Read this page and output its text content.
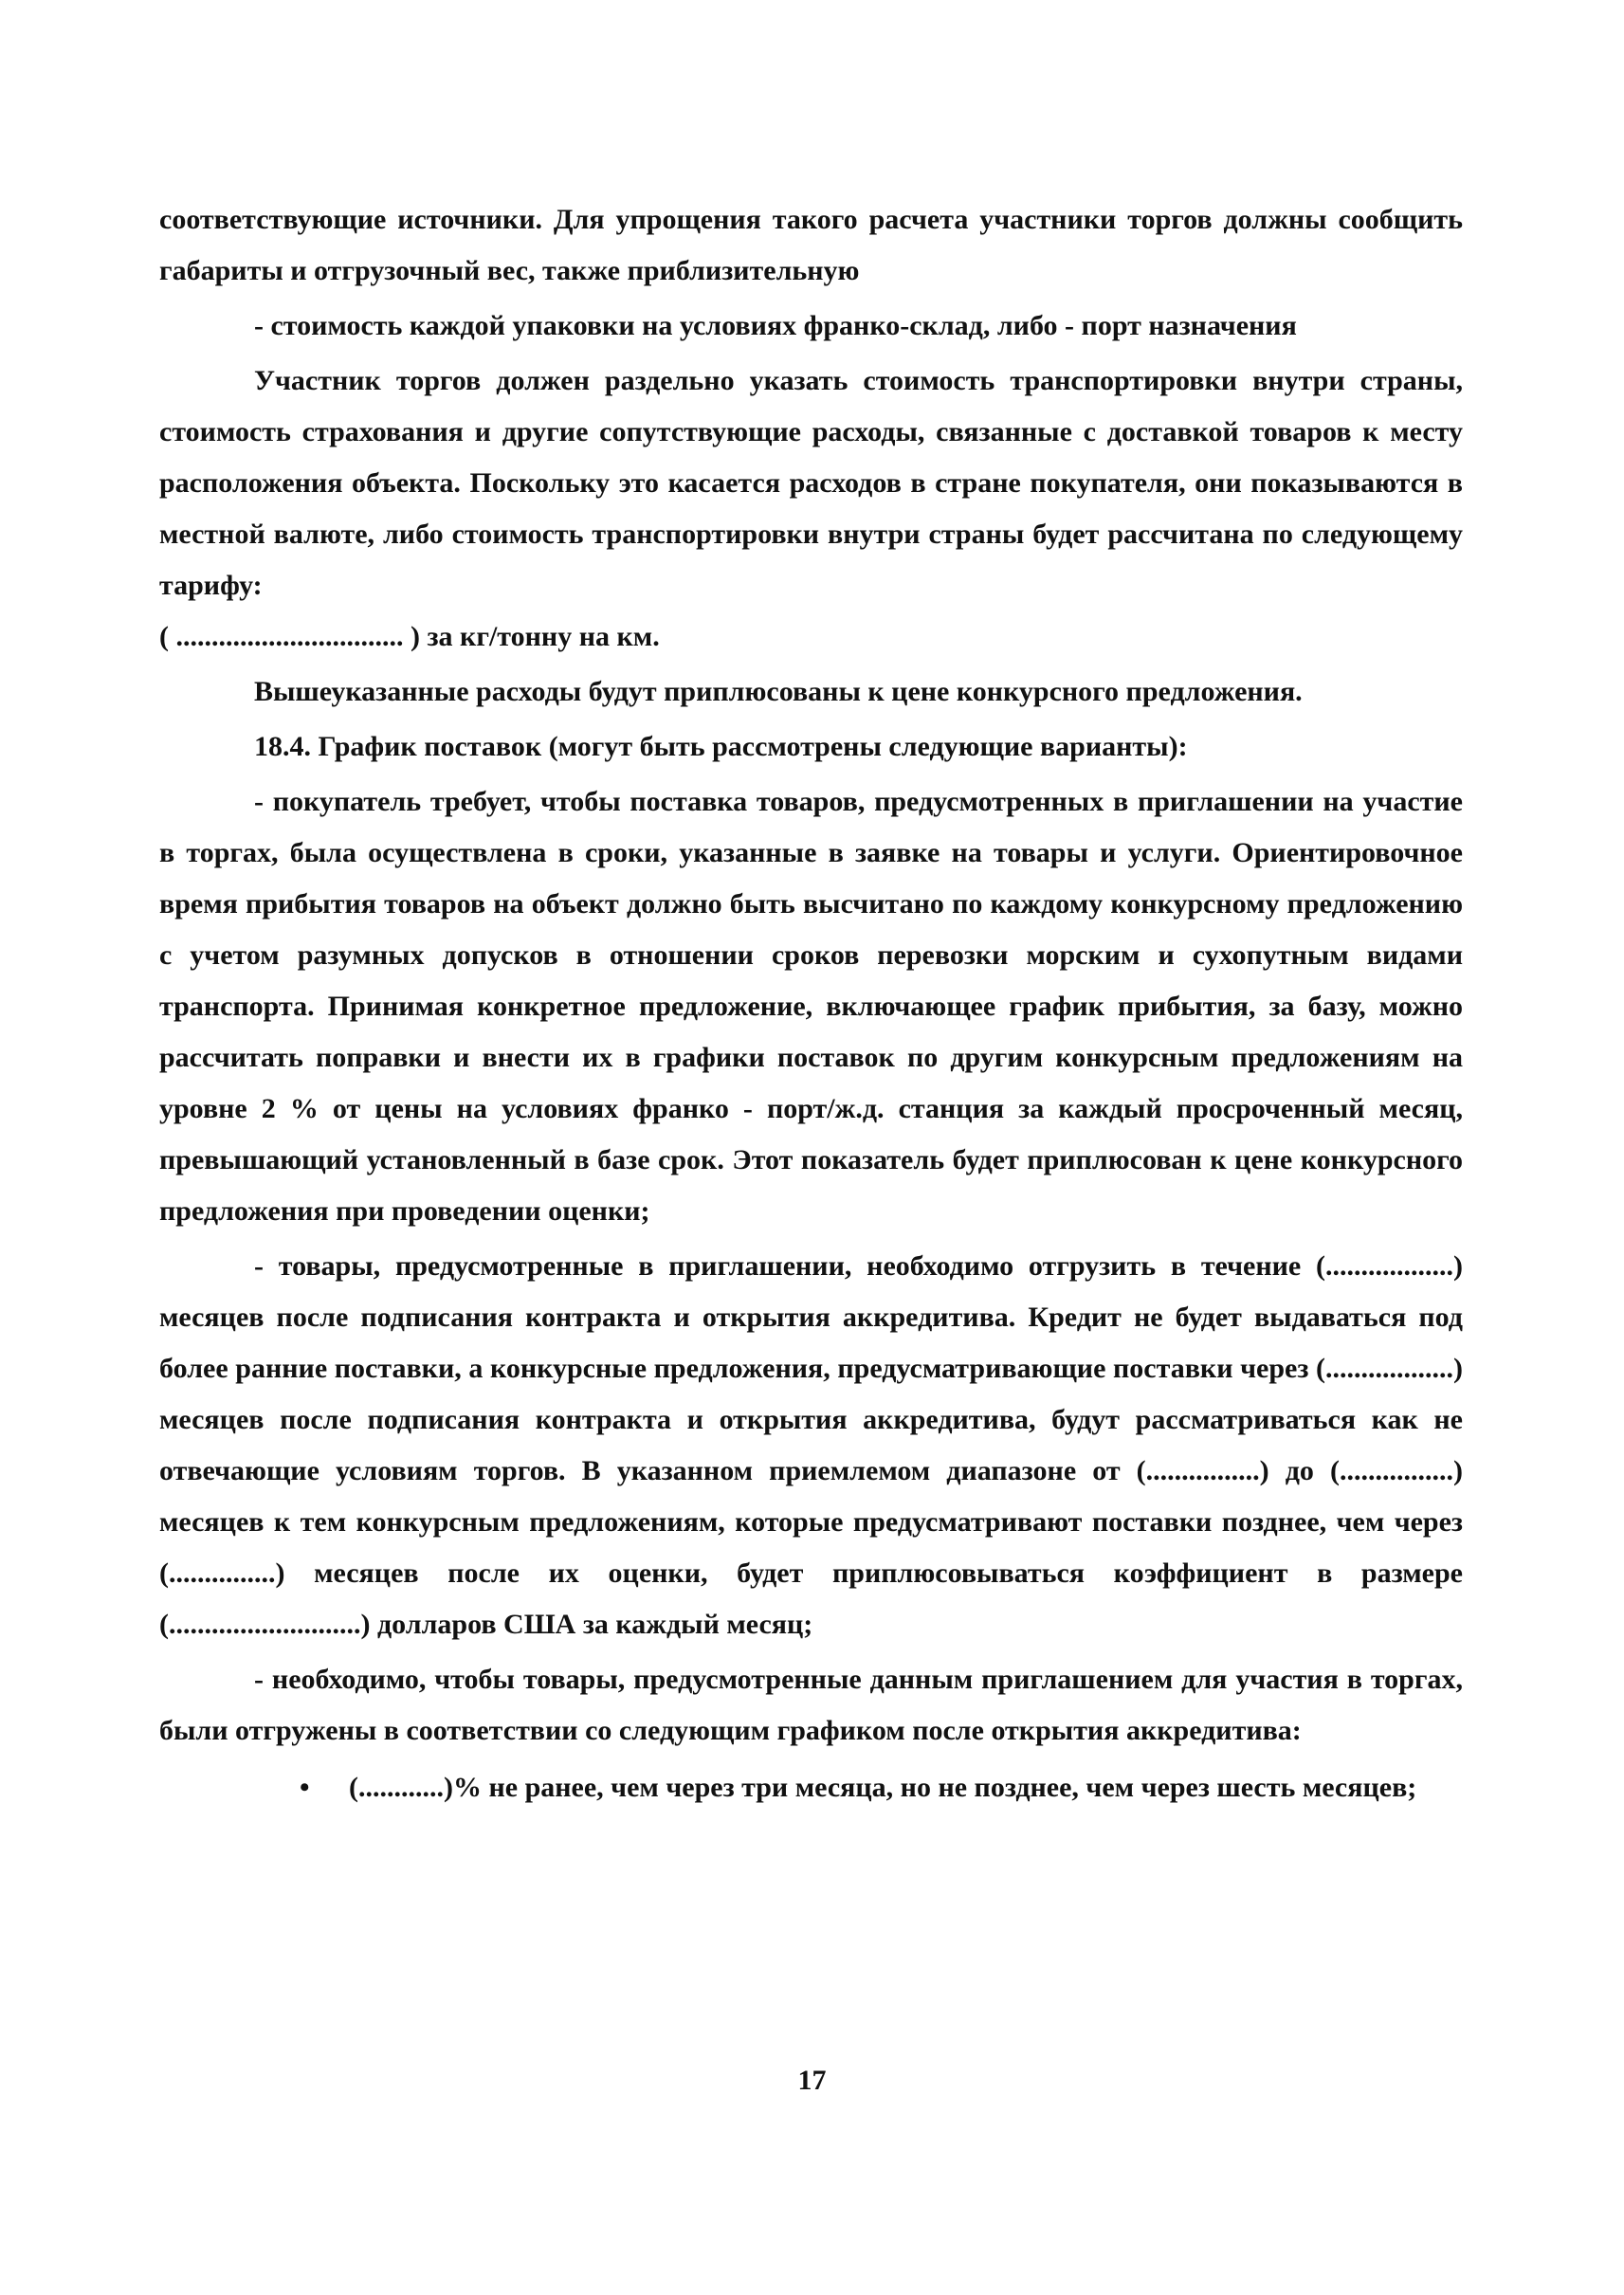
соответствующие источники. Для упрощения такого расчета участники торгов должны сообщить габариты и отгрузочный вес, также приблизительную

- стоимость каждой упаковки на условиях франко-склад, либо - порт назначения

Участник торгов должен раздельно указать стоимость транспортировки внутри страны, стоимость страхования и другие сопутствующие расходы, связанные с доставкой товаров к месту расположения объекта. Поскольку это касается расходов в стране покупателя, они показываются в местной валюте, либо стоимость транспортировки внутри страны будет рассчитана по следующему тарифу:

( ................................ ) за кг/тонну на км.

Вышеуказанные расходы будут приплюсованы к цене конкурсного предложения.

18.4. График поставок (могут быть рассмотрены следующие варианты):

- покупатель требует, чтобы поставка товаров, предусмотренных в приглашении на участие в торгах, была осуществлена в сроки, указанные в заявке на товары и услуги. Ориентировочное время прибытия товаров на объект должно быть высчитано по каждому конкурсному предложению с учетом разумных допусков в отношении сроков перевозки морским и сухопутным видами транспорта. Принимая конкретное предложение, включающее график прибытия, за базу, можно рассчитать поправки и внести их в графики поставок по другим конкурсным предложениям на уровне 2 % от цены на условиях франко - порт/ж.д. станция за каждый просроченный месяц, превышающий установленный в базе срок. Этот показатель будет приплюсован к цене конкурсного предложения при проведении оценки;

- товары, предусмотренные в приглашении, необходимо отгрузить в течение (..................) месяцев после подписания контракта и открытия аккредитива. Кредит не будет выдаваться под более ранние поставки, а конкурсные предложения, предусматривающие поставки через (..................) месяцев после подписания контракта и открытия аккредитива, будут рассматриваться как не отвечающие условиям торгов. В указанном приемлемом диапазоне от (................) до (................) месяцев к тем конкурсным предложениям, которые предусматривают поставки позднее, чем через (...............) месяцев после их оценки, будет приплюсовываться коэффициент в размере (...........................) долларов США за каждый месяц;

- необходимо, чтобы товары, предусмотренные данным приглашением для участия в торгах, были отгружены в соответствии со следующим графиком после открытия аккредитива:

• (............)% не ранее, чем через три месяца, но не позднее, чем через шесть месяцев;
17
